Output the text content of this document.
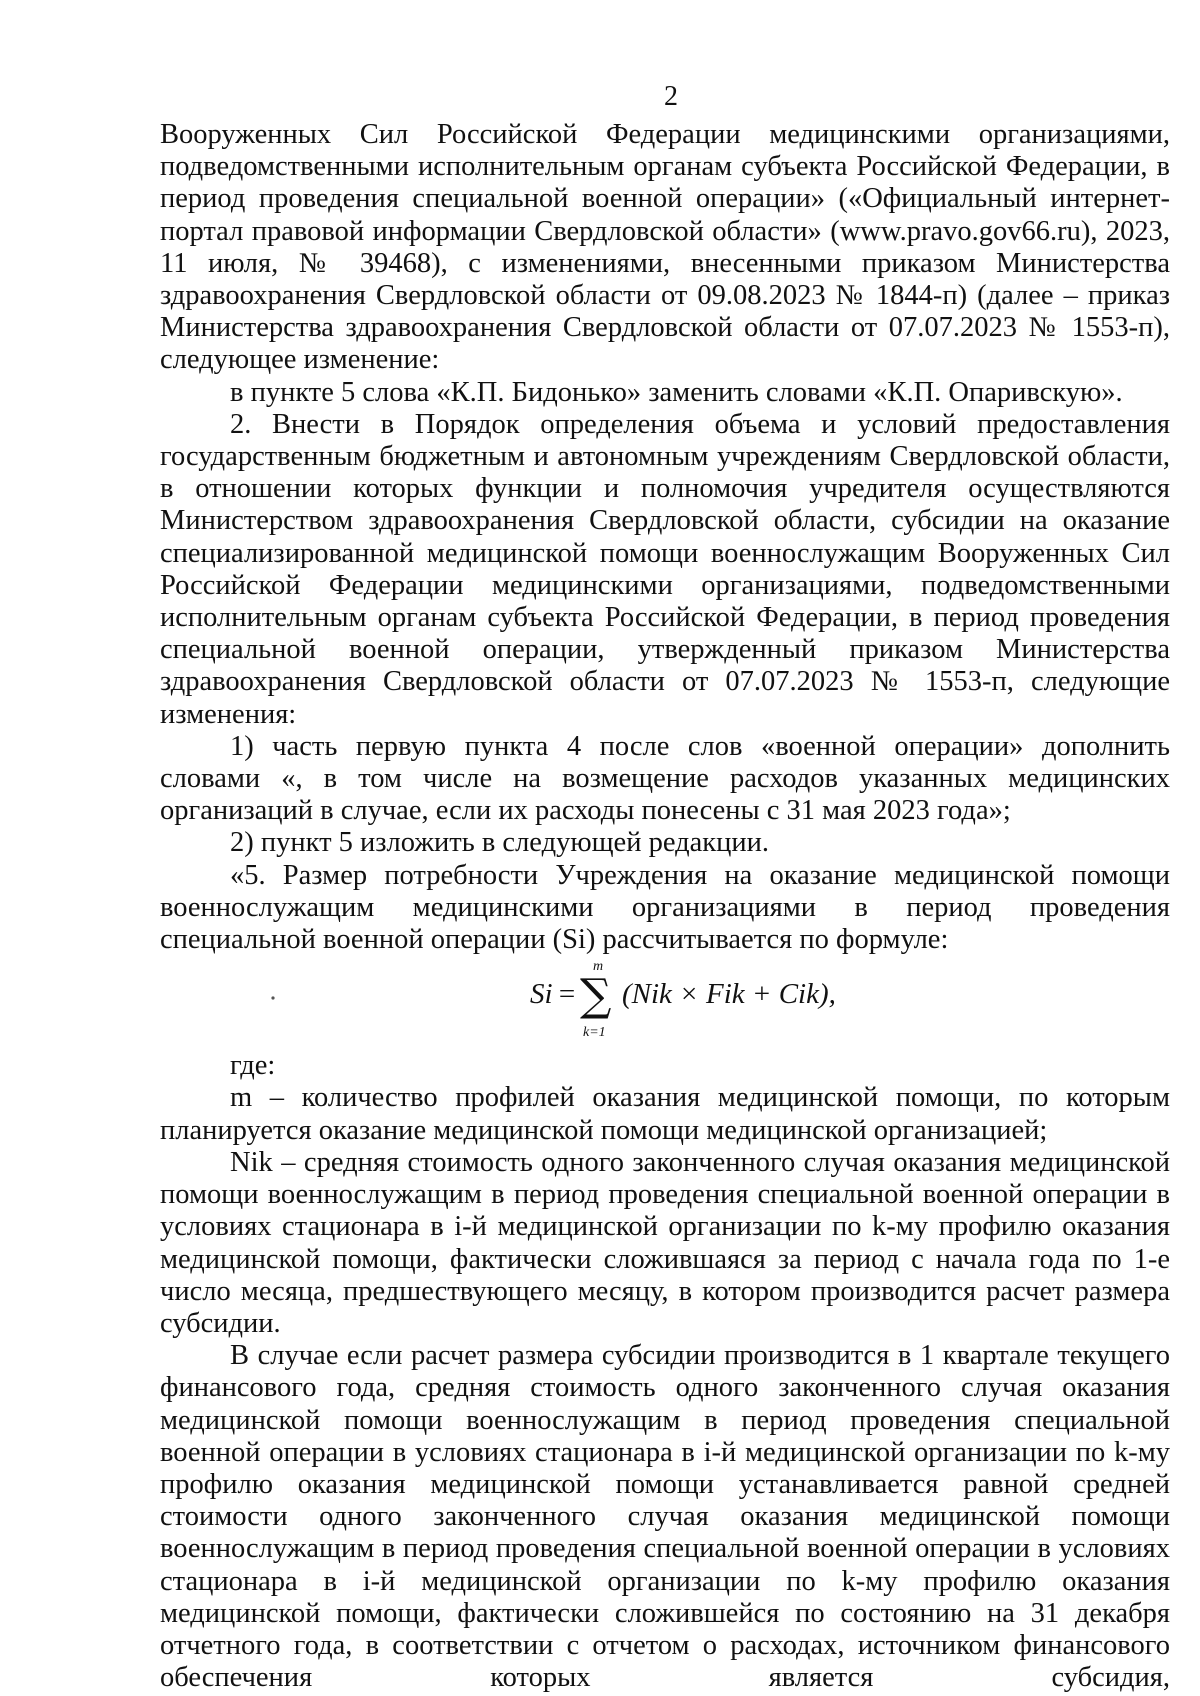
2

Вооруженных Сил Российской Федерации медицинскими организациями, подведомственными исполнительным органам субъекта Российской Федерации, в период проведения специальной военной операции» («Официальный интернет-портал правовой информации Свердловской области» (www.pravo.gov66.ru), 2023, 11 июля, № 39468), с изменениями, внесенными приказом Министерства здравоохранения Свердловской области от 09.08.2023 № 1844-п) (далее – приказ Министерства здравоохранения Свердловской области от 07.07.2023 № 1553-п), следующее изменение:

в пункте 5 слова «К.П. Бидонько» заменить словами «К.П. Опаривскую».

2. Внести в Порядок определения объема и условий предоставления государственным бюджетным и автономным учреждениям Свердловской области, в отношении которых функции и полномочия учредителя осуществляются Министерством здравоохранения Свердловской области, субсидии на оказание специализированной медицинской помощи военнослужащим Вооруженных Сил Российской Федерации медицинскими организациями, подведомственными исполнительным органам субъекта Российской Федерации, в период проведения специальной военной операции, утвержденный приказом Министерства здравоохранения Свердловской области от 07.07.2023 № 1553-п, следующие изменения:

1) часть первую пункта 4 после слов «военной операции» дополнить словами «, в том числе на возмещение расходов указанных медицинских организаций в случае, если их расходы понесены с 31 мая 2023 года»;

2) пункт 5 изложить в следующей редакции.

«5. Размер потребности Учреждения на оказание медицинской помощи военнослужащим медицинскими организациями в период проведения специальной военной операции (Si) рассчитывается по формуле:

Si =
m
∑
k=1
(Nik × Fik + Cik),

где:

m – количество профилей оказания медицинской помощи, по которым планируется оказание медицинской помощи медицинской организацией;

Nik – средняя стоимость одного законченного случая оказания медицинской помощи военнослужащим в период проведения специальной военной операции в условиях стационара в i-й медицинской организации по k-му профилю оказания медицинской помощи, фактически сложившаяся за период с начала года по 1-е число месяца, предшествующего месяцу, в котором производится расчет размера субсидии.

В случае если расчет размера субсидии производится в 1 квартале текущего финансового года, средняя стоимость одного законченного случая оказания медицинской помощи военнослужащим в период проведения специальной военной операции в условиях стационара в i-й медицинской организации по k-му профилю оказания медицинской помощи устанавливается равной средней стоимости одного законченного случая оказания медицинской помощи военнослужащим в период проведения специальной военной операции в условиях стационара в i-й медицинской организации по k-му профилю оказания медицинской помощи, фактически сложившейся по состоянию на 31 декабря отчетного года, в соответствии с отчетом о расходах, источником финансового обеспечения которых является субсидия,
